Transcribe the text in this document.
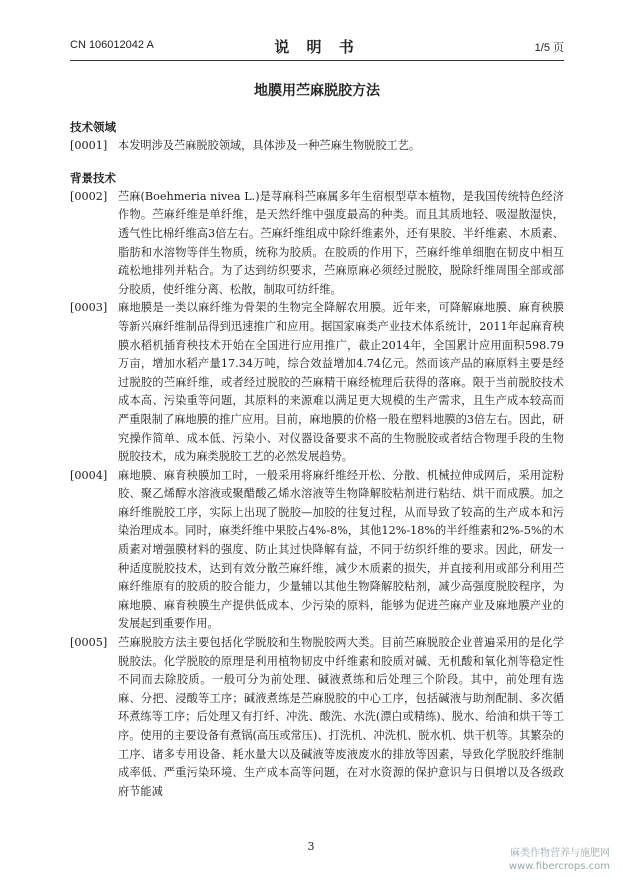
CN 106012042 A	说 明 书	1/5 页
地膜用苎麻脱胶方法

技术领域

[0001] 本发明涉及苎麻脱胶领域，具体涉及一种苎麻生物脱胶工艺。

背景技术

[0002] 苎麻(Boehmeria nivea L.)是荨麻科苎麻属多年生宿根型草本植物，是我国传统特色经济作物。苎麻纤维是单纤维，是天然纤维中强度最高的种类。而且其质地轻、吸湿散湿快，透气性比棉纤维高3倍左右。苎麻纤维组成中除纤维素外，还有果胶、半纤维素、木质素、脂肪和水溶物等伴生物质，统称为胶质。在胶质的作用下，苎麻纤维单细胞在韧皮中相互疏松地排列并粘合。为了达到纺织要求，苎麻原麻必须经过脱胶，脱除纤维周围全部或部分胶质，使纤维分离、松散，制取可纺纤维。
[0003] 麻地膜是一类以麻纤维为骨架的生物完全降解农用膜。近年来，可降解麻地膜、麻育秧膜等新兴麻纤维制品得到迅速推广和应用。据国家麻类产业技术体系统计，2011年起麻育秧膜水稻机插育秧技术开始在全国进行应用推广，截止2014年，全国累计应用面积598.79万亩，增加水稻产量17.34万吨，综合效益增加4.74亿元。然而该产品的麻原料主要是经过脱胶的苎麻纤维，或者经过脱胶的苎麻精干麻经梳理后获得的落麻。限于当前脱胶技术成本高、污染重等问题，其原料的来源难以满足更大规模的生产需求，且生产成本较高而严重限制了麻地膜的推广应用。目前，麻地膜的价格一般在塑料地膜的3倍左右。因此，研究操作简单、成本低、污染小、对仪器设备要求不高的生物脱胶或者结合物理手段的生物脱胶技术，成为麻类脱胶工艺的必然发展趋势。
[0004] 麻地膜、麻育秧膜加工时，一般采用将麻纤维经开松、分散、机械拉伸成网后，采用淀粉胶、聚乙烯醇水溶液或聚醋酸乙烯水溶液等生物降解胶粘剂进行粘结、烘干而成膜。加之麻纤维脱胶工序，实际上出现了脱胶—加胶的往复过程，从而导致了较高的生产成本和污染治理成本。同时，麻类纤维中果胶占4%-8%，其他12%-18%的半纤维素和2%-5%的木质素对增强膜材料的强度、防止其过快降解有益，不同于纺织纤维的要求。因此，研发一种适度脱胶技术，达到有效分散苎麻纤维，减少木质素的损失，并直接利用或部分利用苎麻纤维原有的胶质的胶合能力，少量辅以其他生物降解胶粘剂，减少高强度脱胶程序，为麻地膜、麻育秧膜生产提供低成本、少污染的原料，能够为促进苎麻产业及麻地膜产业的发展起到重要作用。
[0005] 苎麻脱胶方法主要包括化学脱胶和生物脱胶两大类。目前苎麻脱胶企业普遍采用的是化学脱胶法。化学脱胶的原理是利用植物韧皮中纤维素和胶质对碱、无机酸和氧化剂等稳定性不同而去除胶质。一般可分为前处理、碱液煮练和后处理三个阶段。其中，前处理有选麻、分把、浸酸等工序；碱液煮练是苎麻脱胶的中心工序，包括碱液与助剂配制、多次循环煮练等工序；后处理又有打纤、冲洗、酸洗、水洗(漂白或精练)、脱水、给油和烘干等工序。使用的主要设备有煮锅(高压或常压)、打洗机、冲洗机、脱水机、烘干机等。其繁杂的工序、诸多专用设备、耗水量大以及碱液等废液废水的排放等因素，导致化学脱胶纤维制成率低、严重污染环境、生产成本高等问题，在对水资源的保护意识与日俱增以及各级政府节能减
3
麻类作物营养与施肥网
www.fibercrops.com
